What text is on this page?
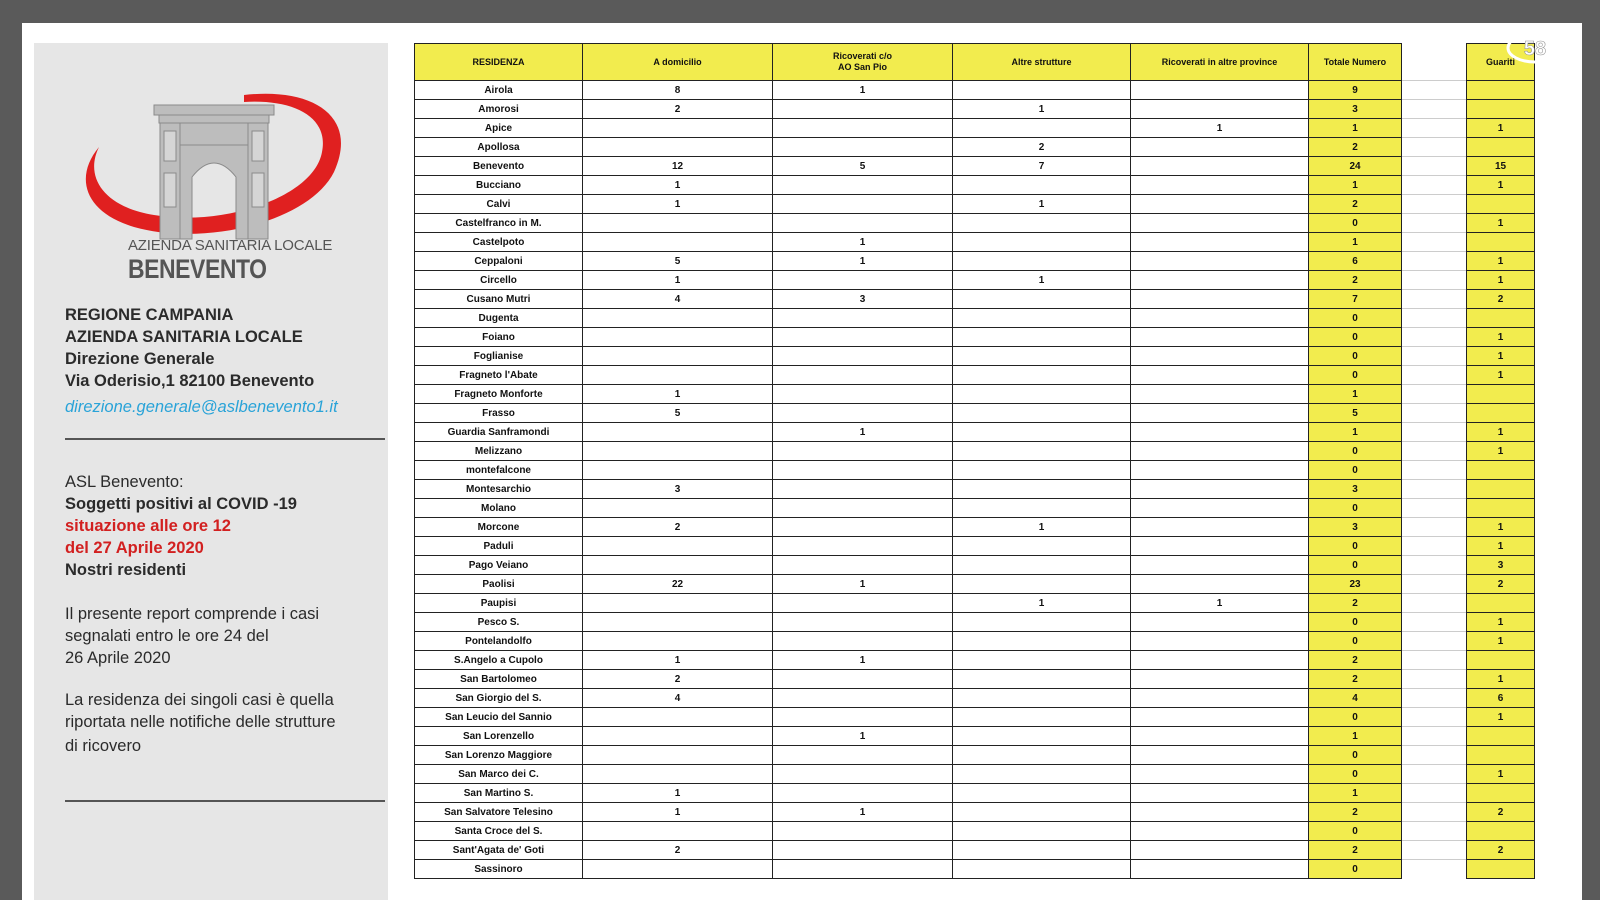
AZIENDA SANITARIA LOCALE
BENEVENTO
REGIONE CAMPANIA
AZIENDA SANITARIA LOCALE
Direzione Generale
Via Oderisio,1 82100 Benevento
direzione.generale@aslbenevento1.it
ASL Benevento:
Soggetti positivi al COVID -19
situazione alle ore 12
del 27 Aprile 2020
Nostri residenti
Il presente report comprende i casi
segnalati entro le ore 24 del
26 Aprile 2020
La residenza dei singoli casi è quella
riportata nelle notifiche delle strutture
di ricovero
RESIDENZA	A domicilio	Ricoverati c/o
AO San Pio	Altre strutture	Ricoverati in altre province	Totale Numero		Guariti
Airola	8	1			9		
Amorosi	2		1		3		
Apice				1	1		1
Apollosa			2		2		
Benevento	12	5	7		24		15
Bucciano	1				1		1
Calvi	1		1		2		
Castelfranco in M.					0		1
Castelpoto		1			1		
Ceppaloni	5	1			6		1
Circello	1		1		2		1
Cusano Mutri	4	3			7		2
Dugenta					0		
Foiano					0		1
Foglianise					0		1
Fragneto l'Abate					0		1
Fragneto Monforte	1				1		
Frasso	5				5		
Guardia Sanframondi		1			1		1
Melizzano					0		1
montefalcone					0		
Montesarchio	3				3		
Molano					0		
Morcone	2		1		3		1
Paduli					0		1
Pago Veiano					0		3
Paolisi	22	1			23		2
Paupisi			1	1	2		
Pesco S.					0		1
Pontelandolfo					0		1
S.Angelo a Cupolo	1	1			2		
San Bartolomeo	2				2		1
San Giorgio del S.	4				4		6
San Leucio del Sannio					0		1
San Lorenzello		1			1		
San Lorenzo Maggiore					0		
San Marco dei C.					0		1
San Martino S.	1				1		
San Salvatore Telesino	1	1			2		2
Santa Croce del S.					0		
Sant'Agata de' Goti	2				2		2
Sassinoro					0		
58
